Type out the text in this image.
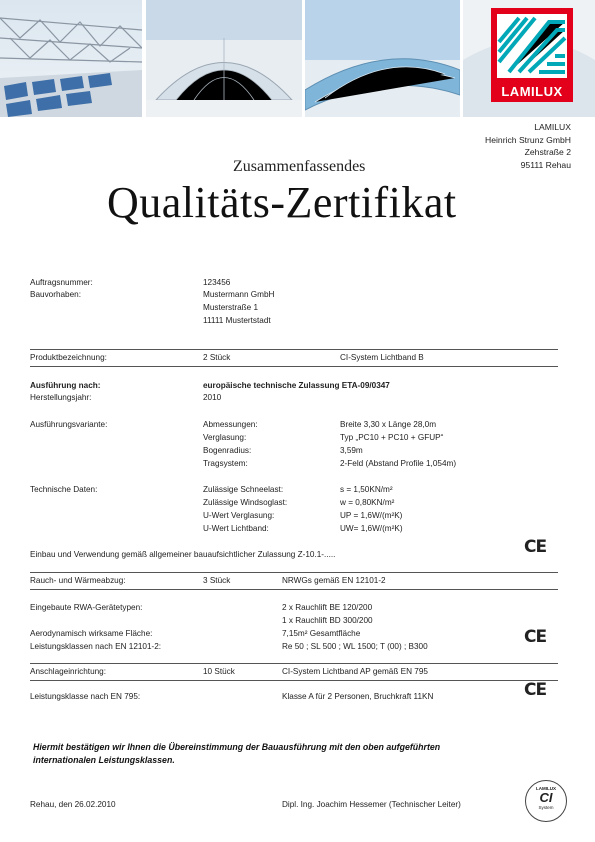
LAMILUX
LAMILUX
Heinrich Strunz GmbH
Zehstraße 2
95111 Rehau
Zusammenfassendes
Qualitäts-Zertifikat
Auftragsnummer:	123456
Bauvorhaben:	Mustermann GmbH
Musterstraße 1
11111 Mustertstadt
Produktbezeichnung:	2 Stück	CI-System Lichtband B
Ausführung nach:	europäische technische Zulassung ETA-09/0347
Herstellungsjahr:	2010
Ausführungsvariante:	Abmessungen:	Breite 3,30 x Länge 28,0m
Verglasung:	Typ „PC10 + PC10 + GFUP“
Bogenradius:	3,59m
Tragsystem:	2-Feld (Abstand Profile 1,054m)
Technische Daten:	Zulässige Schneelast:	s = 1,50KN/m²
Zulässige Windsoglast:	w = 0,80KN/m²
U-Wert Verglasung:	UP = 1,6W/(m²K)
U-Wert Lichtband:	UW= 1,6W/(m²K)
Einbau und Verwendung gemäß allgemeiner bauaufsichtlicher Zulassung Z-10.1-.....	CE
Rauch- und Wärmeabzug:	3 Stück	NRWGs gemäß EN 12101-2
Eingebaute RWA-Gerätetypen:	2 x Rauchlift BE 120/200
1 x Rauchlift BD 300/200
Aerodynamisch wirksame Fläche:	7,15m² Gesamtfläche
Leistungsklassen nach EN 12101-2:	Re 50 ; SL 500 ; WL 1500; T (00) ; B300	CE
Anschlageinrichtung:	10 Stück	CI-System Lichtband AP gemäß EN 795
Leistungsklasse nach EN 795:	Klasse A für 2 Personen, Bruchkraft 11KN	CE
Hiermit bestätigen wir Ihnen die Übereinstimmung der Bauausführung mit den oben aufgeführten
internationalen Leistungsklassen.
Rehau, den 26.02.2010	Dipl. Ing. Joachim Hessemer (Technischer Leiter)
LAMILUX
CI
System
